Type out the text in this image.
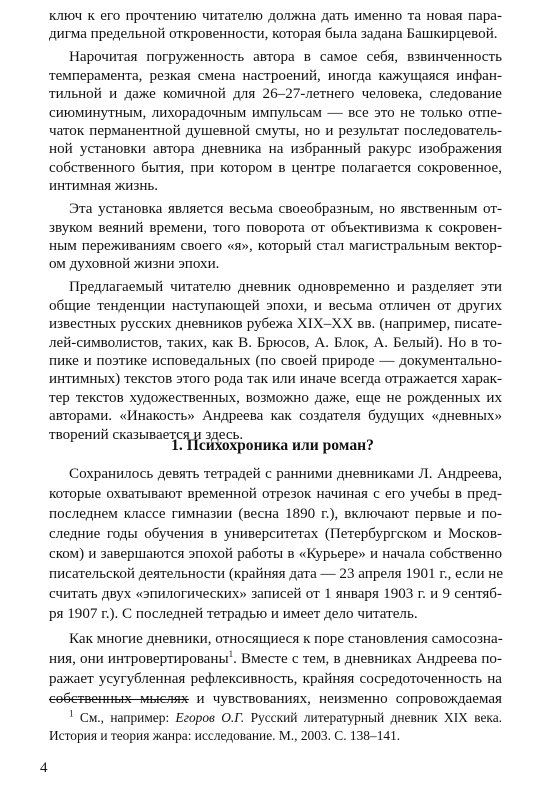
ключ к его прочтению читателю должна дать именно та новая пара-
дигма предельной откровенности, которая была задана Башкирцевой.
Нарочитая погруженность автора в самое себя, взвинченность
темперамента, резкая смена настроений, иногда кажущаяся инфан-
тильной и даже комичной для 26–27-летнего человека, следование
сиюминутным, лихорадочным импульсам — все это не только отпе-
чаток перманентной душевной смуты, но и результат последователь-
ной установки автора дневника на избранный ракурс изображения
собственного бытия, при котором в центре полагается сокровенное,
интимная жизнь.
Эта установка является весьма своеобразным, но явственным от-
звуком веяний времени, того поворота от объективизма к сокровен-
ным переживаниям своего «я», который стал магистральным вектор-
ом духовной жизни эпохи.
Предлагаемый читателю дневник одновременно и разделяет эти
общие тенденции наступающей эпохи, и весьма отличен от других
известных русских дневников рубежа XIX–XX вв. (например, писате-
лей-символистов, таких, как В. Брюсов, А. Блок, А. Белый). Но в то-
пике и поэтике исповедальных (по своей природе — документально-
интимных) текстов этого рода так или иначе всегда отражается харак-
тер текстов художественных, возможно даже, еще не рожденных их
авторами. «Инакость» Андреева как создателя будущих «дневных»
творений сказывается и здесь.
1. Психохроника или роман?
Сохранилось девять тетрадей с ранними дневниками Л. Андреева,
которые охватывают временной отрезок начиная с его учебы в пред-
последнем классе гимназии (весна 1890 г.), включают первые и по-
следние годы обучения в университетах (Петербургском и Москов-
ском) и завершаются эпохой работы в «Курьере» и начала собственно
писательской деятельности (крайняя дата — 23 апреля 1901 г., если не
считать двух «эпилогических» записей от 1 января 1903 г. и 9 сентяб-
ря 1907 г.). С последней тетрадью и имеет дело читатель.
Как многие дневники, относящиеся к поре становления самосозна-
ния, они интровертированы$^1$. Вместе с тем, в дневниках Андреева по-
ражает усугубленная рефлексивность, крайняя сосредоточенность на
собственных мыслях и чувствованиях, неизменно сопровождаемая
4
$^1$ См., например: Егоров О.Г. Русский литературный дневник XIX века.
История и теория жанра: исследование. М., 2003. С. 138–141.
